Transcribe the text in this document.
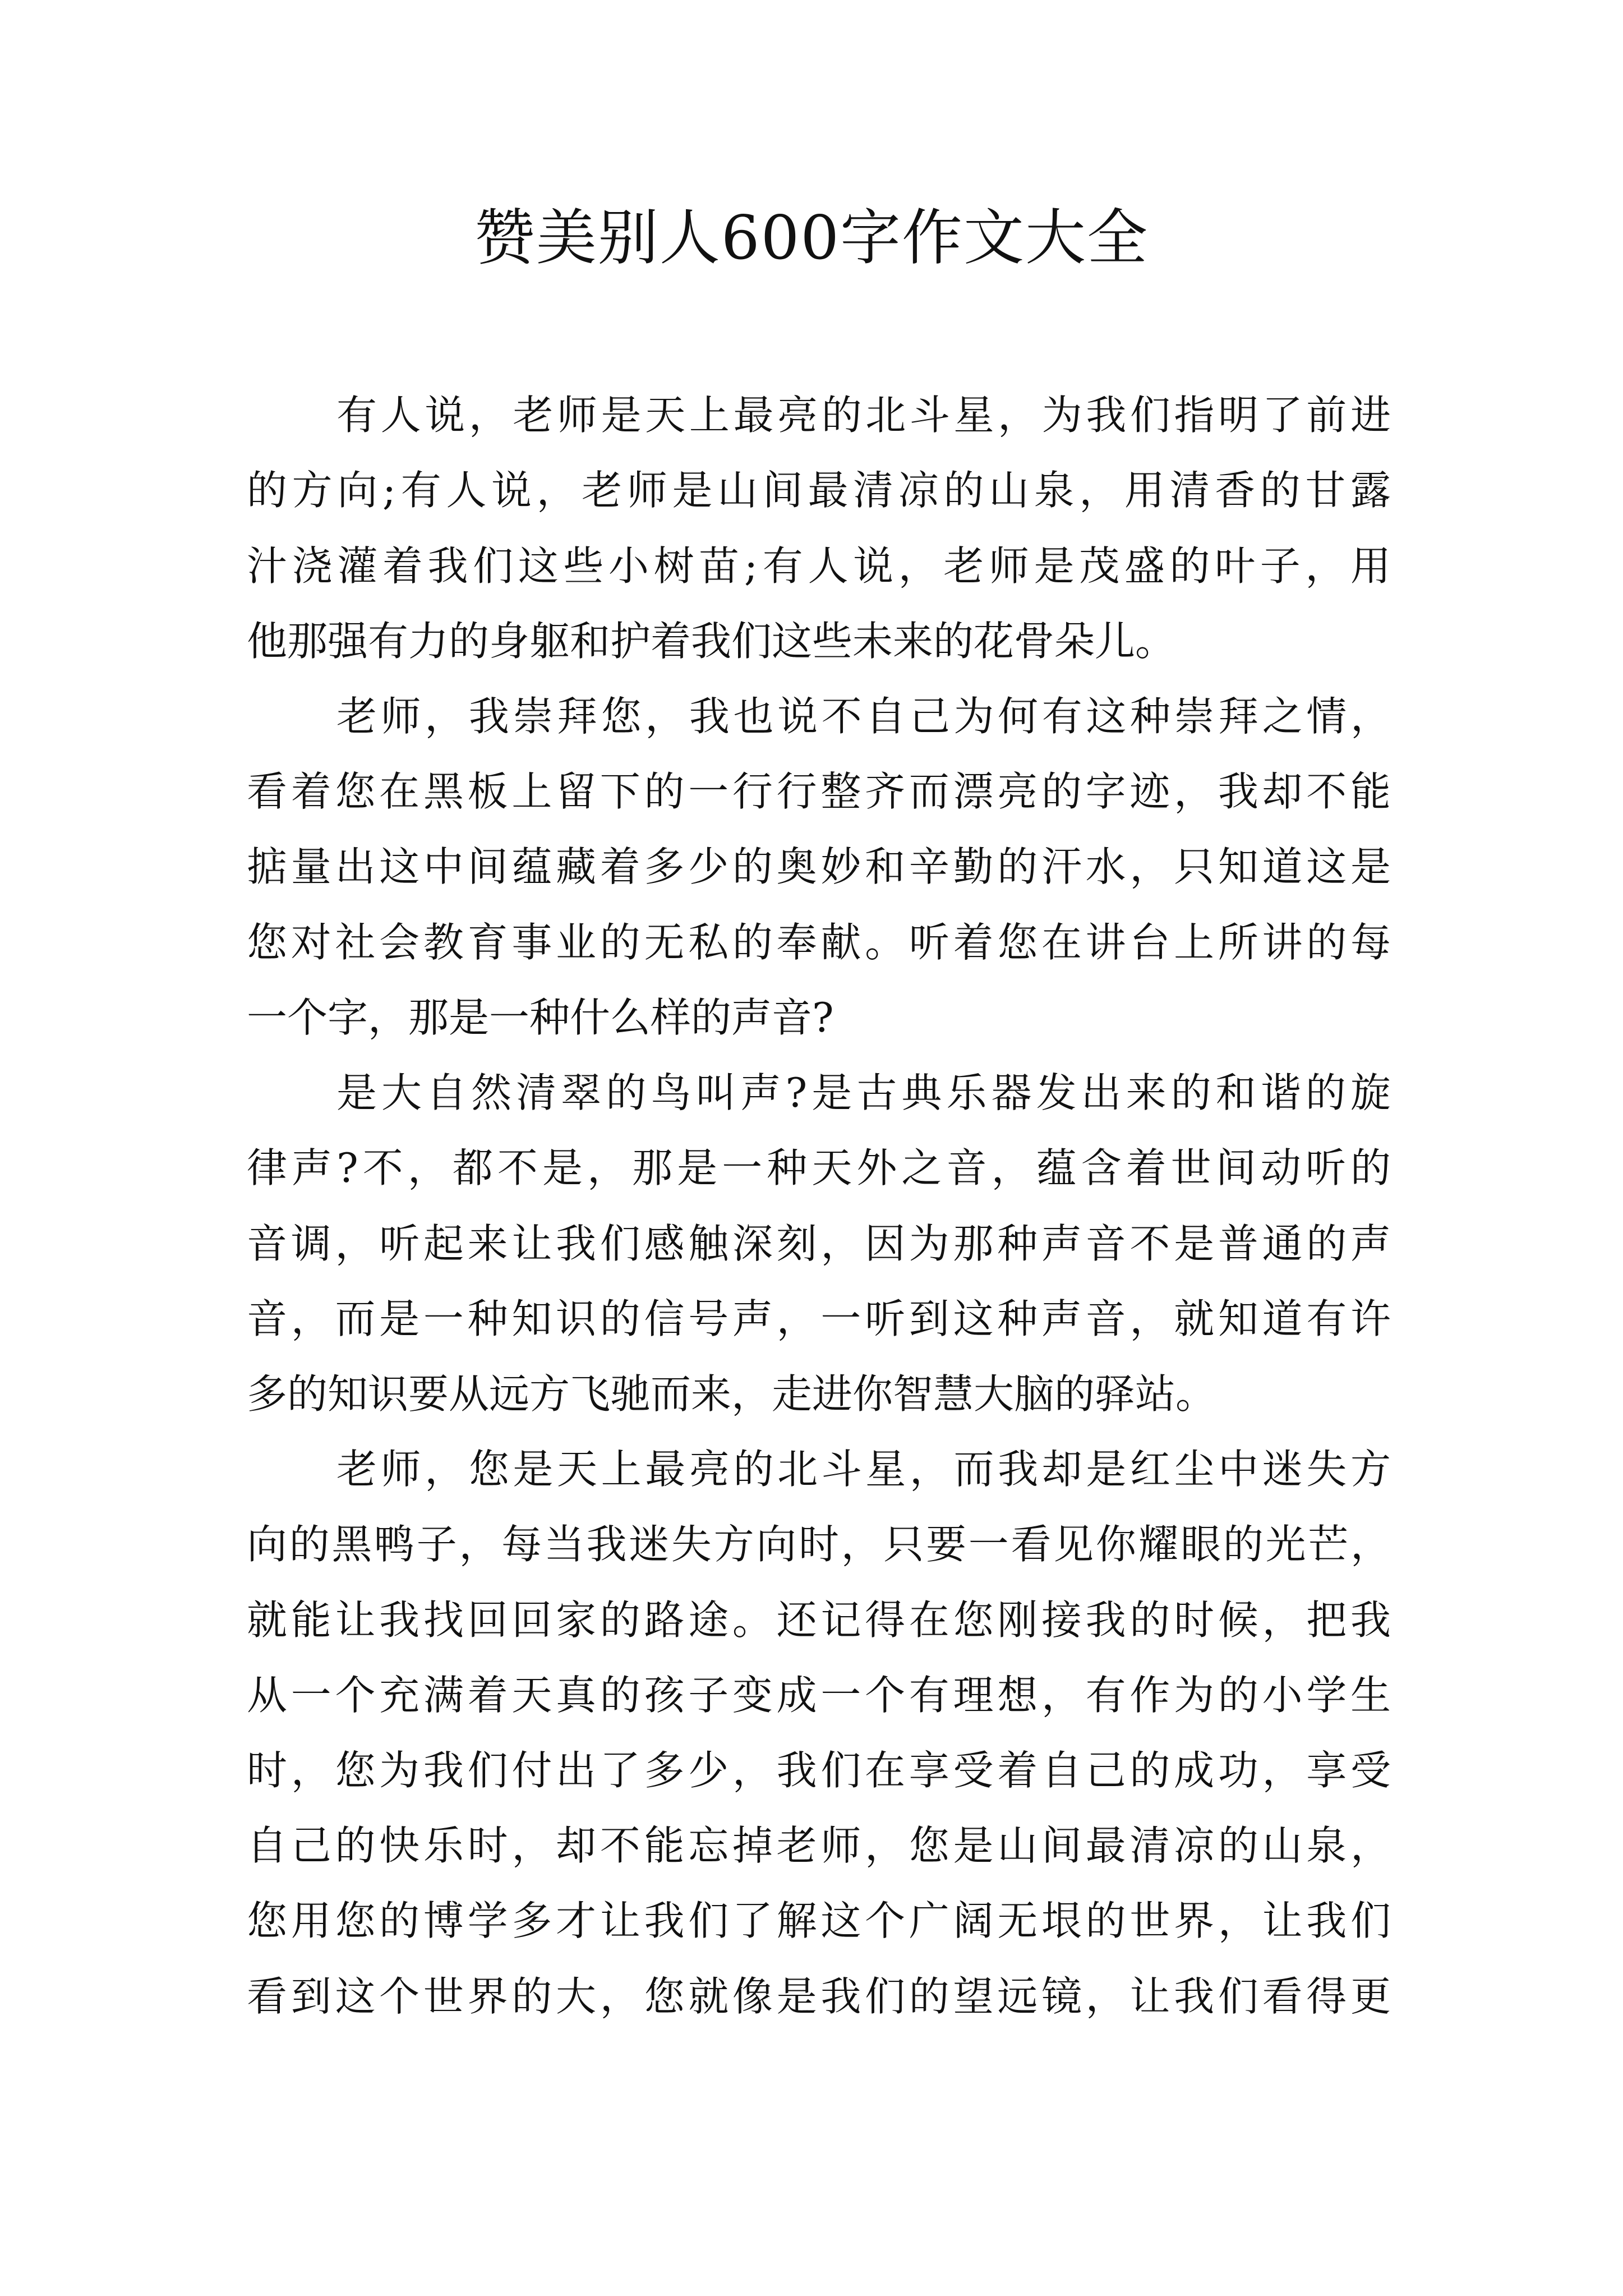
赞美别人600字作文大全

有人说，老师是天上最亮的北斗星，为我们指明了前进

的方向;有人说，老师是山间最清凉的山泉，用清香的甘露

汁浇灌着我们这些小树苗;有人说，老师是茂盛的叶子，用

他那强有力的身躯和护着我们这些未来的花骨朵儿。

老师，我崇拜您，我也说不自己为何有这种崇拜之情，

看着您在黑板上留下的一行行整齐而漂亮的字迹，我却不能

掂量出这中间蕴藏着多少的奥妙和辛勤的汗水，只知道这是

您对社会教育事业的无私的奉献。听着您在讲台上所讲的每

一个字，那是一种什么样的声音?

是大自然清翠的鸟叫声?是古典乐器发出来的和谐的旋

律声?不，都不是，那是一种天外之音，蕴含着世间动听的

音调，听起来让我们感触深刻，因为那种声音不是普通的声

音，而是一种知识的信号声，一听到这种声音，就知道有许

多的知识要从远方飞驰而来，走进你智慧大脑的驿站。

老师，您是天上最亮的北斗星，而我却是红尘中迷失方

向的黑鸭子，每当我迷失方向时，只要一看见你耀眼的光芒，

就能让我找回回家的路途。还记得在您刚接我的时候，把我

从一个充满着天真的孩子变成一个有理想，有作为的小学生

时，您为我们付出了多少，我们在享受着自己的成功，享受

自己的快乐时，却不能忘掉老师，您是山间最清凉的山泉，

您用您的博学多才让我们了解这个广阔无垠的世界，让我们

看到这个世界的大，您就像是我们的望远镜，让我们看得更
